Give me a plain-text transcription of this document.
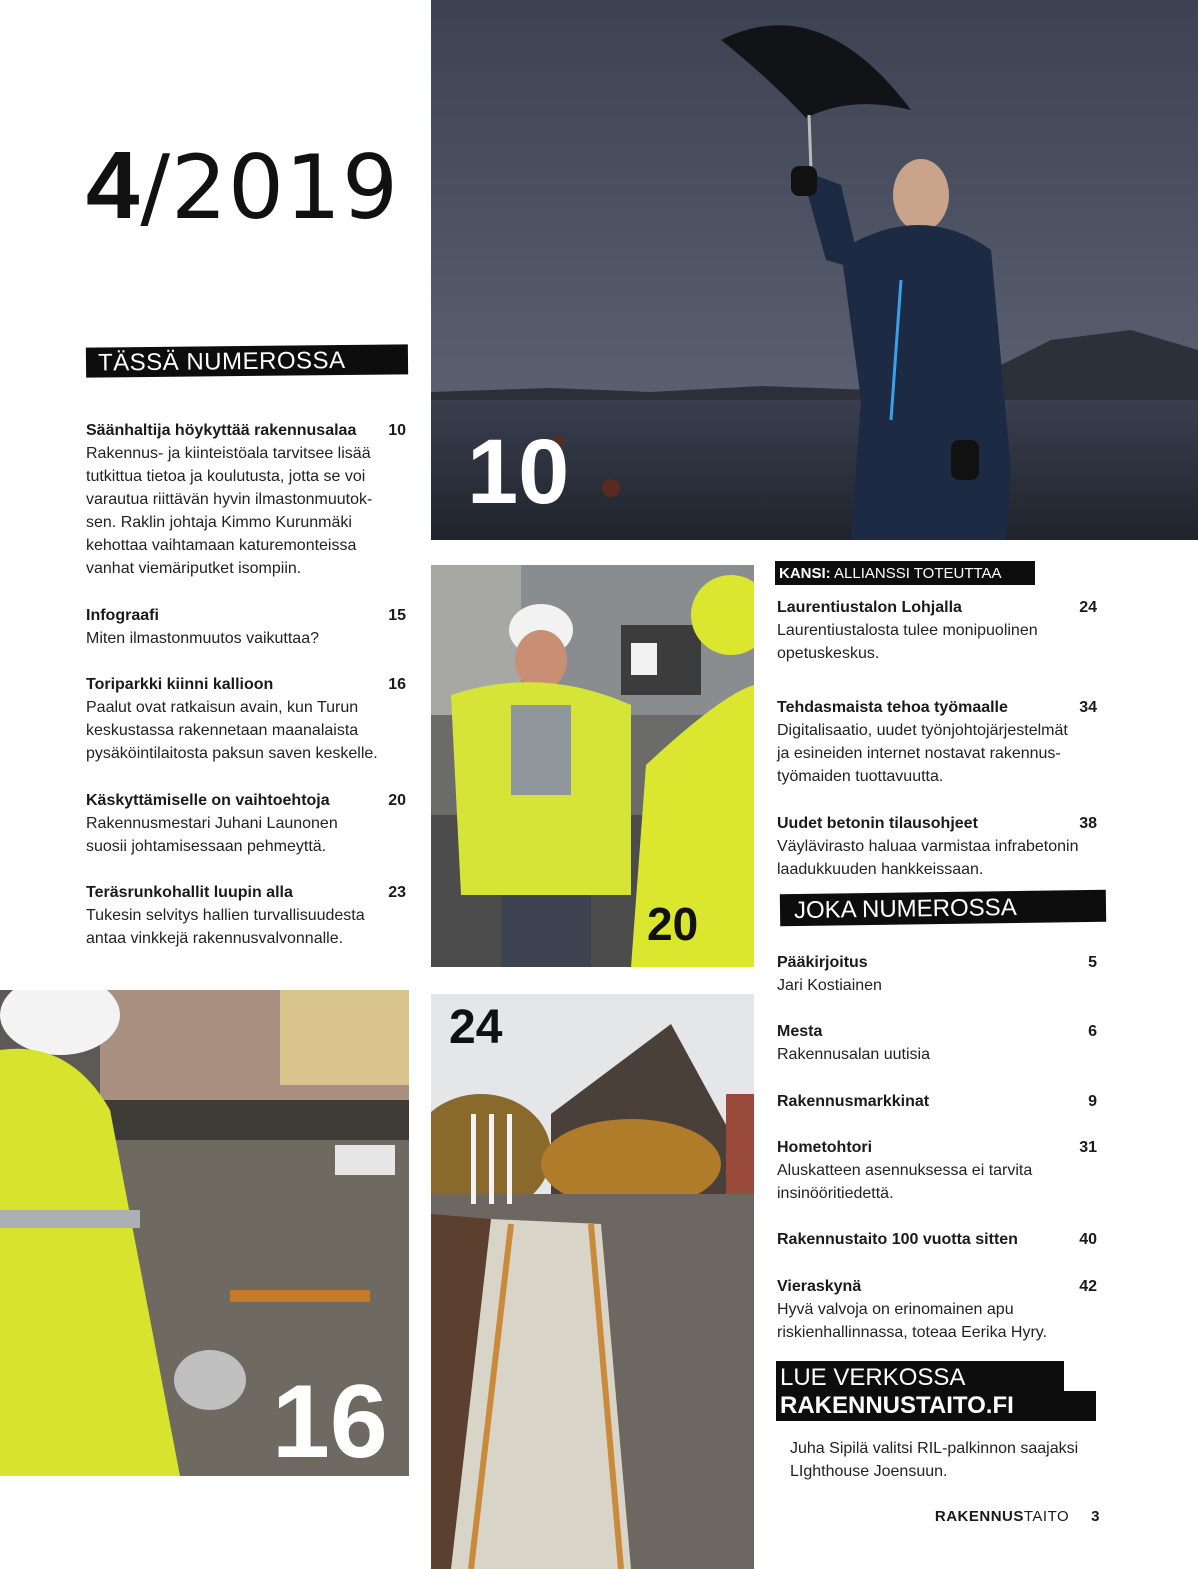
4/2019
TÄSSÄ NUMEROSSA
Säänhaltija höykyttää rakennusalaa 10
Rakennus- ja kiinteistöala tarvitsee lisää
tutkittua tietoa ja koulutusta, jotta se voi
varautua riittävän hyvin ilmastonmuutok-
sen. Raklin johtaja Kimmo Kurunmäki
kehottaa vaihtamaan katuremonteissa
vanhat viemäriputket isompiin.
Infograafi	15
Miten ilmastonmuutos vaikuttaa?
Toriparkki kiinni kallioon	16
Paalut ovat ratkaisun avain, kun Turun
keskustassa rakennetaan maanalaista
pysäköintilaitosta paksun saven keskelle.
Käskyttämiselle on vaihtoehtoja	20
Rakennusmestari Juhani Launonen
suosii johtamisessaan pehmeyttä.
Teräsrunkohallit luupin alla	23
Tukesin selvitys hallien turvallisuudesta
antaa vinkkejä rakennusvalvonnalle.
10
20
16
24
KANSI: ALLIANSSI TOTEUTTAA
Laurentiustalon Lohjalla	24
Laurentiustalosta tulee monipuolinen
opetuskeskus.
Tehdasmaista tehoa työmaalle	34
Digitalisaatio, uudet työnjohtojärjestelmät
ja esineiden internet nostavat rakennus-
työmaiden tuottavuutta.
Uudet betonin tilausohjeet	38
Väylävirasto haluaa varmistaa infrabetonin
laadukkuuden hankkeissaan.
JOKA NUMEROSSA
Pääkirjoitus	5
Jari Kostiainen
Mesta	6
Rakennusalan uutisia
Rakennusmarkkinat	9
Hometohtori	31
Aluskatteen asennuksessa ei tarvita
insinööritiedettä.
Rakennustaito 100 vuotta sitten	40
Vieraskynä	42
Hyvä valvoja on erinomainen apu
riskienhallinnassa, toteaa Eerika Hyry.
LUE VERKOSSA
RAKENNUSTAITO.FI
Juha Sipilä valitsi RIL-palkinnon saajaksi
LIghthouse Joensuun.
RAKENNUSTAITO 3
